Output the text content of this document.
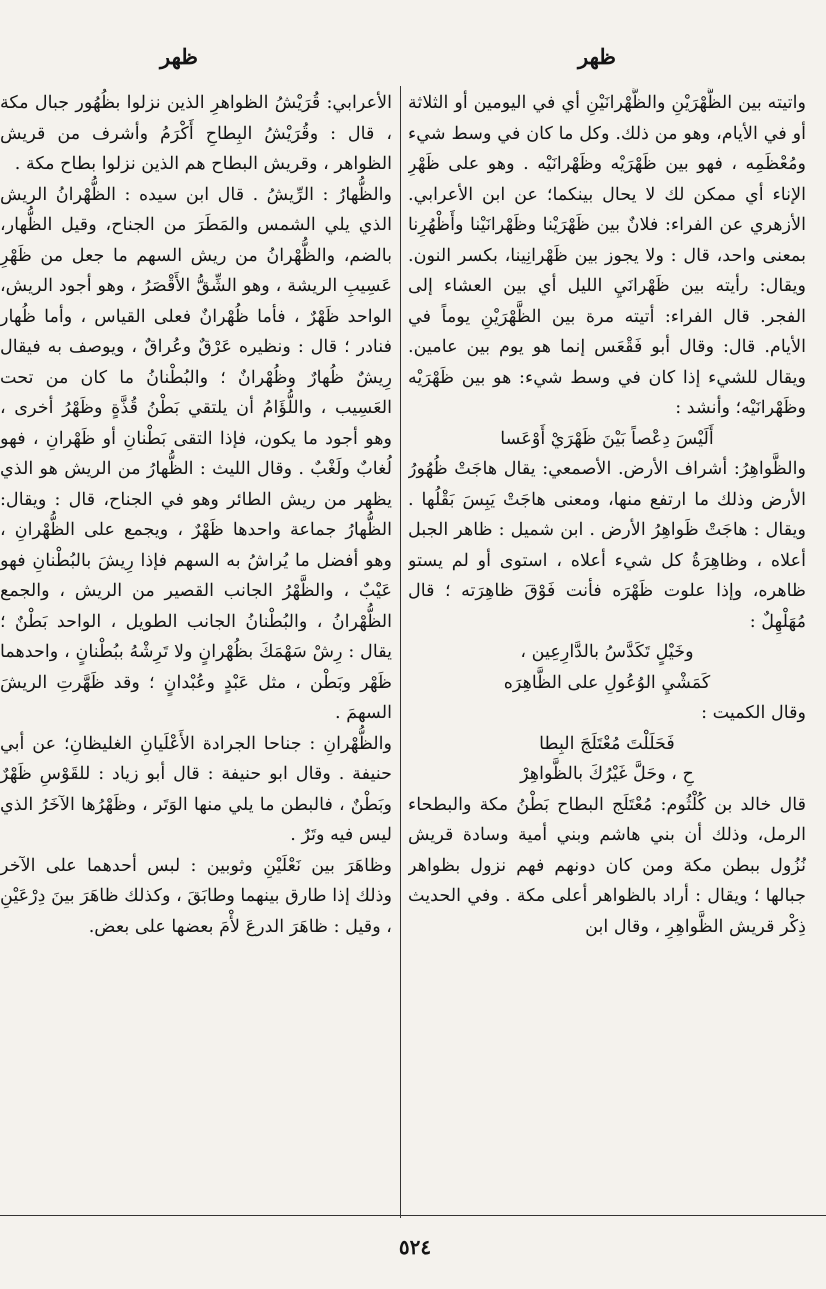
ظهر
ظهر

واتيته بين الظَّهْرَيْنِ والظَّهْرانَيْنِ أي في اليومين أو الثلاثة أو في الأيام، وهو من ذلك. وكل ما كان في وسط شيء ومُعْظَمِه ، فهو بين ظَهْرَيْه وظَهْرانَيْه . وهو على ظَهْرِ الإناء أي ممكن لك لا يحال بينكما؛ عن ابن الأعرابي. الأزهري عن الفراء: فلانٌ بين ظَهْرَيْنا وظَهْرانَيْنا وأَظْهُرِنا بمعنى واحد، قال : ولا يجوز بين ظَهْرانِينا، بكسر النون. ويقال: رأيته بين ظَهْرانَيِ الليل أي بين العشاء إلى الفجر. قال الفراء: أتيته مرة بين الظَّهْرَيْنِ يوماً في الأيام. قال: وقال أبو فَقْعَس إنما هو يوم بين عامين. ويقال للشيء إذا كان في وسط شيء: هو بين ظَهْرَيْه وظَهْرانَيْه؛ وأنشد :

أَلَيْسَ دِعْصاً بَيْنَ ظَهْرَيْ أَوْعَسا

والظَّواهِرُ: أشراف الأرض. الأصمعي: يقال هاجَتْ ظُهُورُ الأرض وذلك ما ارتفع منها، ومعنى هاجَتْ يَبِسَ بَقْلُها . ويقال : هاجَتْ ظَواهِرُ الأرض . ابن شميل : ظاهر الجبل أعلاه ، وظاهِرَةُ كل شيء أعلاه ، استوى أو لم يستو ظاهره، وإذا علوت ظَهْرَه فأنت فَوْقَ ظاهِرَته ؛ قال مُهَلْهِلٌ :

وخَيْلٍ تَكَدَّسُ بالدَّارِعِين ،

كَمَشْيِ الوُعُولِ على الظَّاهِرَه

وقال الكميت :

فَحَلَلْتَ مُعْتَلَجَ البِطا

حِ ، وحَلَّ غَيْرُكَ بالظَّواهِرْ

قال خالد بن كُلْثُوم: مُعْتَلَج البطاح بَطْنُ مكة والبطحاء الرمل، وذلك أن بني هاشم وبني أمية وسادة قريش نُزُول ببطن مكة ومن كان دونهم فهم نزول بظواهر جبالها ؛ ويقال : أراد بالظواهر أعلى مكة . وفي الحديث ذِكْر قريش الظَّواهِرِ ، وقال ابن

الأعرابي: قُرَيْشُ الظواهرِ الذين نزلوا بظُهُور جبال مكة ، قال : وقُرَيْشُ البِطاحِ أَكْرَمُ وأشرف من قريش الظواهر ، وقريش البطاح هم الذين نزلوا بطاح مكة .

والظُّهارُ : الرِّيشُ . قال ابن سيده : الظُّهْرانُ الريش الذي يلي الشمس والمَطَرَ من الجناح، وقيل الظُّهار، بالضم، والظُّهْرانُ من ريش السهم ما جعل من ظَهْرِ عَسِيبِ الريشة ، وهو الشِّقُّ الأَقْصَرُ ، وهو أجود الريش، الواحد ظَهْرٌ ، فأما ظُهْرانٌ فعلى القياس ، وأما ظُهار فنادر ؛ قال : ونظيره عَرْقٌ وعُراقٌ ، ويوصف به فيقال رِيشٌ ظُهارٌ وظُهْرانٌ ؛ والبُطْنانُ ما كان من تحت العَسِيب ، واللُّؤَامُ أن يلتقي بَطْنُ قُذَّةٍ وظَهْرُ أخرى ، وهو أجود ما يكون، فإذا التقى بَطْنانِ أو ظَهْرانِ ، فهو لُغابٌ ولَغْبٌ . وقال الليث : الظُّهارُ من الريش هو الذي يظهر من ريش الطائر وهو في الجناح، قال : ويقال: الظُّهارُ جماعة واحدها ظَهْرٌ ، ويجمع على الظُّهْرانِ ، وهو أفضل ما يُراشُ به السهم فإذا رِيشَ بالبُطْنانِ فهو عَيْبٌ ، والظَّهْرُ الجانب القصير من الريش ، والجمع الظُّهْرانُ ، والبُطْنانُ الجانب الطويل ، الواحد بَطْنٌ ؛ يقال : رِشْ سَهْمَكَ بظُهْرانٍ ولا تَرِشْهُ ببُطْنانٍ ، واحدهما ظَهْر وبَطْن ، مثل عَبْدٍ وعُبْدانٍ ؛ وقد ظَهَّرتِ الريشَ السهمَ .

والظُّهْرانِ : جناحا الجرادة الأَعْلَيانِ الغليظانِ؛ عن أبي حنيفة . وقال ابو حنيفة : قال أبو زياد : للقَوْسِ ظَهْرٌ وبَطْنٌ ، فالبطن ما يلي منها الوَتَر ، وظَهْرُها الآخَرُ الذي ليس فيه وتَرٌ .

وظاهَرَ بين نَعْلَيْنِ وثوبين : لبس أحدهما على الآخر وذلك إذا طارق بينهما وطابَقَ ، وكذلك ظاهَرَ بينَ دِرْعَيْنِ ، وقيل : ظاهَرَ الدرعَ لأْمَ بعضها على بعض.

٥٢٤
